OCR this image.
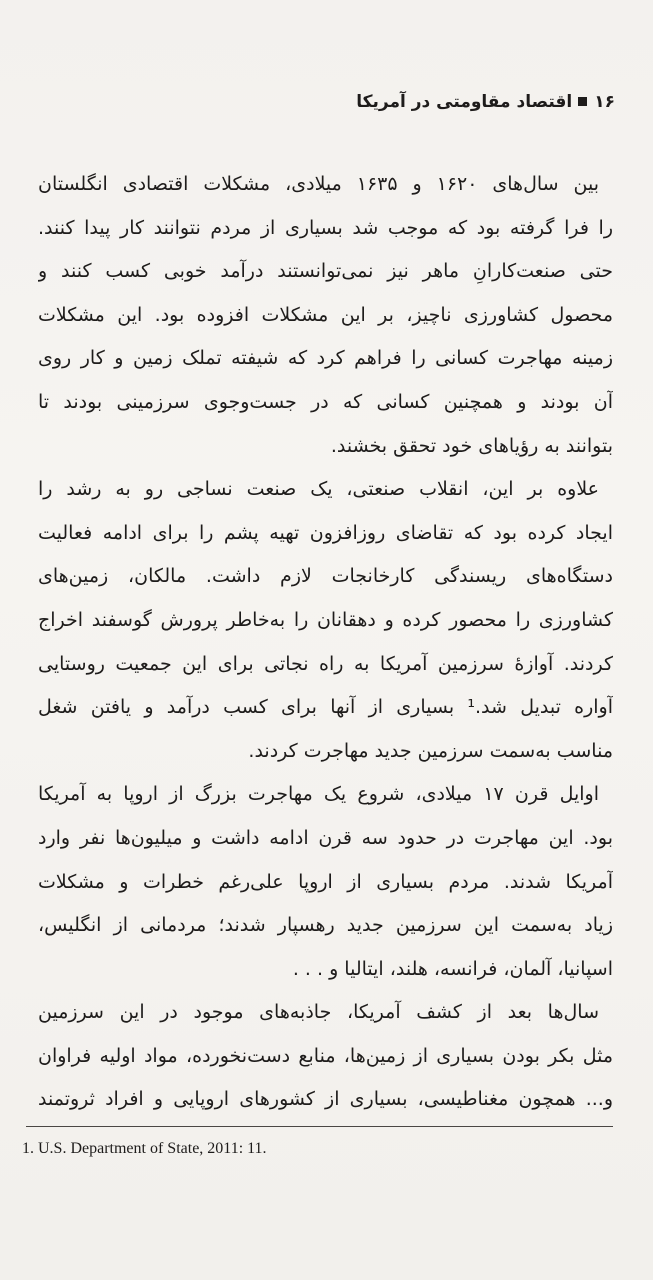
۱۶اقتصاد مقاومتی در آمریکا
بین سال‌های ۱۶۲۰ و ۱۶۳۵ میلادی، مشکلات اقتصادی انگلستان
را فرا گرفته بود که موجب شد بسیاری از مردم نتوانند کار پیدا کنند.
حتی صنعت‌کارانِ ماهر نیز نمی‌توانستند درآمد خوبی کسب کنند و
محصول کشاورزی ناچیز، بر این مشکلات افزوده بود. این مشکلات
زمینه مهاجرت کسانی را فراهم کرد که شیفته تملک زمین و کار روی
آن بودند و همچنین کسانی که در جست‌وجوی سرزمینی بودند تا
بتوانند به رؤیاهای خود تحقق بخشند.
علاوه بر این، انقلاب صنعتی، یک صنعت نساجی رو به رشد را
ایجاد کرده بود که تقاضای روزافزون تهیه پشم را برای ادامه فعالیت
دستگاه‌های ریسندگی کارخانجات لازم داشت. مالکان، زمین‌های
کشاورزی را محصور کرده و دهقانان را به‌خاطر پرورش گوسفند اخراج
کردند. آوازهٔ سرزمین آمریکا به راه نجاتی برای این جمعیت روستایی
آواره تبدیل شد.¹ بسیاری از آنها برای کسب درآمد و یافتن شغل
مناسب به‌سمت سرزمین جدید مهاجرت کردند.
اوایل قرن ۱۷ میلادی، شروع یک مهاجرت بزرگ از اروپا به آمریکا
بود. این مهاجرت در حدود سه قرن ادامه داشت و میلیون‌ها نفر وارد
آمریکا شدند. مردم بسیاری از اروپا علی‌رغم خطرات و مشکلات
زیاد به‌سمت این سرزمین جدید رهسپار شدند؛ مردمانی از انگلیس،
اسپانیا، آلمان، فرانسه، هلند، ایتالیا و . . .
سال‌ها بعد از کشف آمریکا، جاذبه‌های موجود در این سرزمین
مثل بکر بودن بسیاری از زمین‌ها، منابع دست‌نخورده، مواد اولیه فراوان
و... همچون مغناطیسی، بسیاری از کشورهای اروپایی و افراد ثروتمند
1. U.S. Department of State, 2011: 11.
